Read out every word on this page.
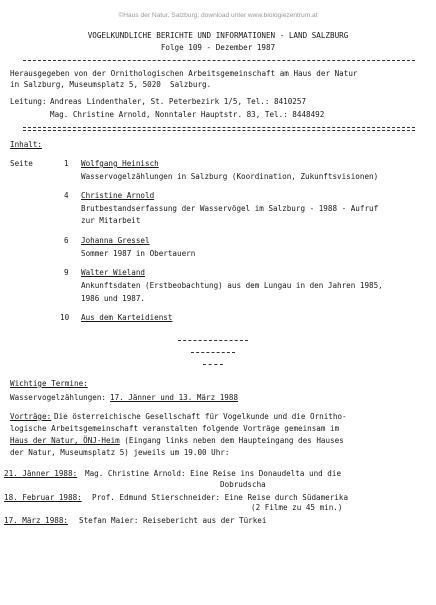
©Haus der Natur, Salzburg; download unter www.biologiezentrum.at
VOGELKUNDLICHE BERICHTE UND INFORMATIONEN - LAND SALZBURG
Folge 109 - Dezember 1987
Herausgegeben von der Ornithologischen Arbeitsgemeinschaft am Haus der Natur
in Salzburg, Museumsplatz 5, 5020  Salzburg.
Leitung: Andreas Lindenthaler, St. Peterbezirk 1/5, Tel.: 8410257
Mag. Christine Arnold, Nonntaler Hauptstr. 83, Tel.: 8448492
Inhalt:
Seite	1 Wolfgang Heinisch
Wasservogelzählungen in Salzburg (Koordination, Zukunftsvisionen)
4 Christine Arnold
Brutbestandserfassung der Wasservögel im Salzburg - 1988 - Aufruf
zur Mitarbeit
6 Johanna Gressel
Sommer 1987 in Obertauern
9 Walter Wieland
Ankunftsdaten (Erstbeobachtung) aus dem Lungau in den Jahren 1985,
1986 und 1987.
10 Aus dem Karteidienst
Wichtige Termine:
Wasservogelzählungen: 17. Jänner und 13. März 1988
Vorträge: Die österreichische Gesellschaft für Vogelkunde und die Ornitho-
logische Arbeitsgemeinschaft veranstalten folgende Vorträge gemeinsam im
Haus der Natur, ÖNJ-Heim (Eingang links neben dem Haupteingang des Hauses
der Natur, Museumsplatz 5) jeweils um 19.00 Uhr:
21. Jänner 1988: Mag. Christine Arnold: Eine Reise ins Donaudelta und die
Dobrudscha
18. Februar 1988: Prof. Edmund Stierschneider: Eine Reise durch Südamerika
(2 Filme zu 45 min.)
17. März 1988: Stefan Maier: Reisebericht aus der Türkei
